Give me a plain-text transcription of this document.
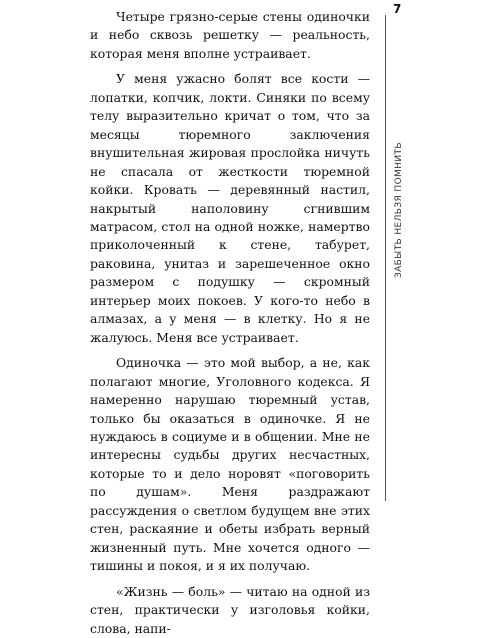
Четыре грязно-серые стены одиночки и небо сквозь решетку — реальность, которая меня вполне устраивает.

У меня ужасно болят все кости — лопатки, копчик, локти. Синяки по всему телу выразительно кричат о том, что за месяцы тюремного заключения внушительная жировая прослойка ничуть не спасала от жесткости тюремной койки. Кровать — деревянный настил, накрытый наполовину сгнившим матрасом, стол на одной ножке, намертво приколоченный к стене, табурет, раковина, унитаз и зарешеченное окно размером с подушку — скромный интерьер моих покоев. У кого-то небо в алмазах, а у меня — в клетку. Но я не жалуюсь. Меня все устраивает.

Одиночка — это мой выбор, а не, как полагают многие, Уголовного кодекса. Я намеренно нарушаю тюремный устав, только бы оказаться в одиночке. Я не нуждаюсь в социуме и в общении. Мне не интересны судьбы других несчастных, которые то и дело норовят «поговорить по душам». Меня раздражают рассуждения о светлом будущем вне этих стен, раскаяние и обеты избрать верный жизненный путь. Мне хочется одного — тишины и покоя, и я их получаю.

«Жизнь — боль» — читаю на одной из стен, практически у изголовья койки, слова, напи-

7
ЗАБЫТЬ НЕЛЬЗЯ ПОМНИТЬ
